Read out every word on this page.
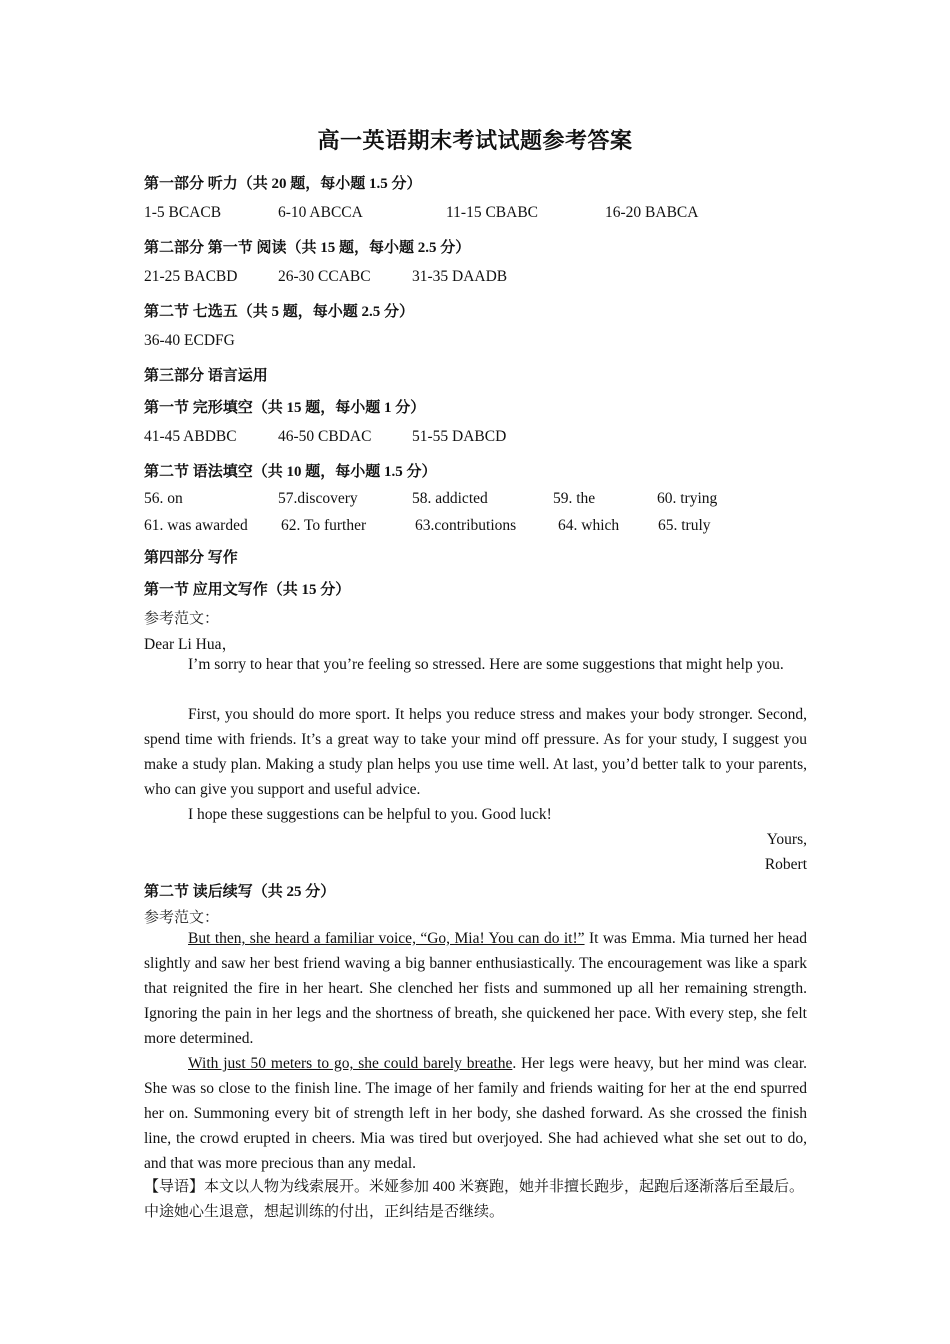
高一英语期末考试试题参考答案
第一部分 听力（共 20 题，每小题 1.5 分）
1-5 BCACB	6-10 ABCCA	11-15 CBABC	16-20 BABCA
第二部分 第一节 阅读（共 15 题，每小题 2.5 分）
21-25 BACBD	26-30 CCABC	31-35 DAADB
第二节 七选五（共 5 题，每小题 2.5 分）
36-40 ECDFG
第三部分 语言运用
第一节 完形填空（共 15 题，每小题 1 分）
41-45 ABDBC	46-50 CBDAC	51-55 DABCD
第二节 语法填空（共 10 题，每小题 1.5 分）
56. on	57.discovery	58. addicted	59. the	60. trying
61. was awarded 62. To further	63.contributions	64. which	65. truly
第四部分 写作
第一节 应用文写作（共 15 分）
参考范文：
Dear Li Hua，

I’m sorry to hear that you’re feeling so stressed. Here are some suggestions that might help you.

First, you should do more sport. It helps you reduce stress and makes your body stronger. Second, spend time with friends. It’s a great way to take your mind off pressure. As for your study, I suggest you make a study plan. Making a study plan helps you use time well. At last, you’d better talk to your parents, who can give you support and useful advice.

I hope these suggestions can be helpful to you. Good luck!

Yours,
Robert
第二节 读后续写（共 25 分）
参考范文：

But then, she heard a familiar voice, “Go, Mia! You can do it!” It was Emma. Mia turned her head slightly and saw her best friend waving a big banner enthusiastically. The encouragement was like a spark that reignited the fire in her heart. She clenched her fists and summoned up all her remaining strength. Ignoring the pain in her legs and the shortness of breath, she quickened her pace. With every step, she felt more determined.

With just 50 meters to go, she could barely breathe. Her legs were heavy, but her mind was clear. She was so close to the finish line. The image of her family and friends waiting for her at the end spurred her on. Summoning every bit of strength left in her body, she dashed forward. As she crossed the finish line, the crowd erupted in cheers. Mia was tired but overjoyed. She had achieved what she set out to do, and that was more precious than any medal.

【导语】本文以人物为线索展开。米娅参加 400 米赛跑，她并非擅长跑步，起跑后逐渐落后至最后。中途她心生退意，想起训练的付出，正纠结是否继续。
